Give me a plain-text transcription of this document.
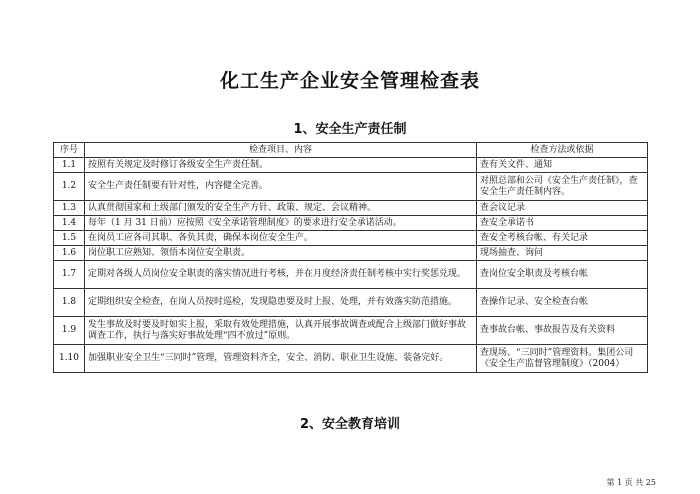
化工生产企业安全管理检查表
1、安全生产责任制
序号	检查项目、内容	检查方法或依据
1.1	按照有关规定及时修订各级安全生产责任制。	查有关文件、通知
1.2	安全生产责任制要有针对性，内容健全完善。	对照总部和公司《安全生产责任制》，查安全生产责任制内容。
1.3	认真贯彻国家和上级部门颁发的安全生产方针、政策、规定、会议精神。	查会议记录
1.4	每年（1 月 31 日前）应按照《安全承诺管理制度》的要求进行安全承诺活动。	查安全承诺书
1.5	在岗员工应各司其职、各负其责，确保本岗位安全生产。	查安全考核台帐、有关记录
1.6	岗位职工应熟知、领悟本岗位安全职责。	现场抽查、询问
1.7	定期对各级人员岗位安全职责的落实情况进行考核，并在月度经济责任制考核中实行奖惩兑现。	查岗位安全职责及考核台帐
1.8	定期组织安全检查，在岗人员按时巡检，发现隐患要及时上报、处理，并有效落实防范措施。	查操作记录、安全检查台帐
1.9	发生事故及时要及时如实上报，采取有效处理措施，认真开展事故调查或配合上级部门做好事故调查工作，执行与落实好事故处理“四不放过”原则。	查事故台帐、事故报告及有关资料
1.10	加强职业安全卫生“三同时”管理，管理资料齐全，安全、消防、职业卫生设施、装备完好。	查现场、“三同时”管理资料。集团公司《安全生产监督管理制度》（2004）
2、安全教育培训
第 1 页 共 25
